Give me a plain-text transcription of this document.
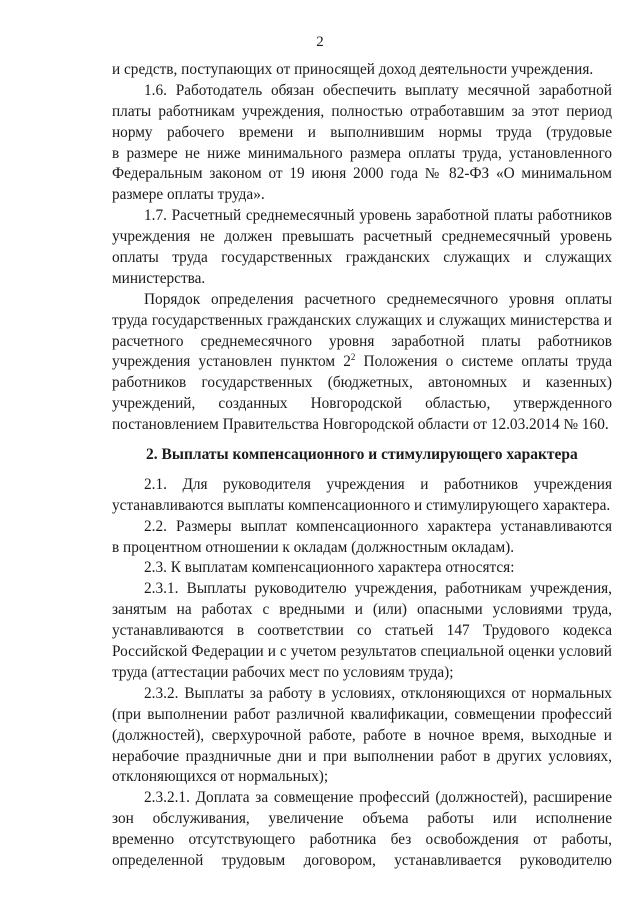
2
и средств, поступающих от приносящей доход деятельности учреждения.
1.6. Работодатель обязан обеспечить выплату месячной заработной
платы работникам учреждения, полностью отработавшим за этот период
норму рабочего времени и выполнившим нормы труда (трудовые
в размере не ниже минимального размера оплаты труда, установленного
Федеральным законом от 19 июня 2000 года № 82-ФЗ «О минимальном
размере оплаты труда».
1.7. Расчетный среднемесячный уровень заработной платы работников
учреждения не должен превышать расчетный среднемесячный уровень
оплаты труда государственных гражданских служащих и служащих
министерства.
Порядок определения расчетного среднемесячного уровня оплаты
труда государственных гражданских служащих и служащих министерства и
расчетного среднемесячного уровня заработной платы работников
учреждения установлен пунктом $2^2$ Положения о системе оплаты труда
работников государственных (бюджетных, автономных и казенных)
учреждений, созданных Новгородской областью, утвержденного
постановлением Правительства Новгородской области от 12.03.2014 № 160.
2. Выплаты компенсационного и стимулирующего характера
2.1. Для руководителя учреждения и работников учреждения
устанавливаются выплаты компенсационного и стимулирующего характера.
2.2. Размеры выплат компенсационного характера устанавливаются
в процентном отношении к окладам (должностным окладам).
2.3. К выплатам компенсационного характера относятся:
2.3.1. Выплаты руководителю учреждения, работникам учреждения,
занятым на работах с вредными и (или) опасными условиями труда,
устанавливаются в соответствии со статьей 147 Трудового кодекса
Российской Федерации и с учетом результатов специальной оценки условий
труда (аттестации рабочих мест по условиям труда);
2.3.2. Выплаты за работу в условиях, отклоняющихся от нормальных
(при выполнении работ различной квалификации, совмещении профессий
(должностей), сверхурочной работе, работе в ночное время, выходные и
нерабочие праздничные дни и при выполнении работ в других условиях,
отклоняющихся от нормальных);
2.3.2.1. Доплата за совмещение профессий (должностей), расширение
зон обслуживания, увеличение объема работы или исполнение
временно отсутствующего работника без освобождения от работы,
определенной трудовым договором, устанавливается руководителю
